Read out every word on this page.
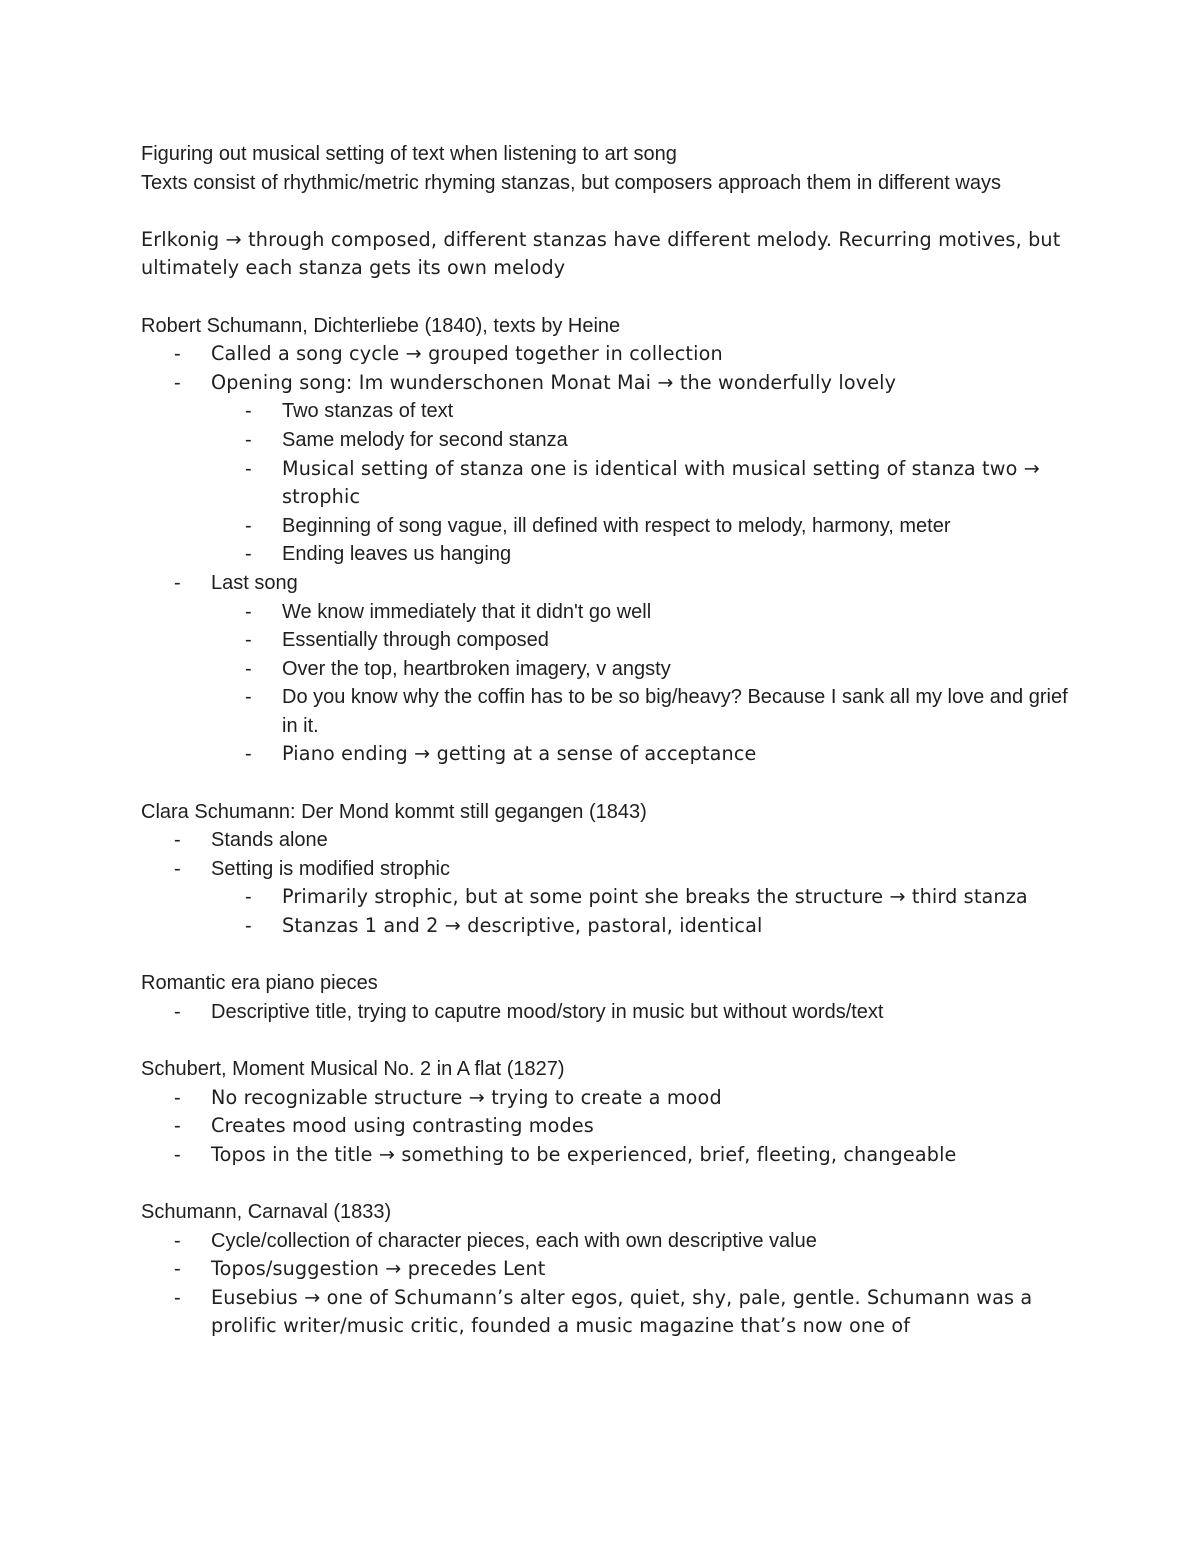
Figuring out musical setting of text when listening to art song

Texts consist of rhythmic/metric rhyming stanzas, but composers approach them in different ways

Erlkonig → through composed, different stanzas have different melody. Recurring motives, but ultimately each stanza gets its own melody

Robert Schumann, Dichterliebe (1840), texts by Heine

- Called a song cycle → grouped together in collection

- Opening song: Im wunderschonen Monat Mai → the wonderfully lovely

- Two stanzas of text

- Same melody for second stanza

- Musical setting of stanza one is identical with musical setting of stanza two → strophic

- Beginning of song vague, ill defined with respect to melody, harmony, meter

- Ending leaves us hanging

- Last song

- We know immediately that it didn't go well

- Essentially through composed

- Over the top, heartbroken imagery, v angsty

- Do you know why the coffin has to be so big/heavy? Because I sank all my love and grief in it.

- Piano ending → getting at a sense of acceptance

Clara Schumann: Der Mond kommt still gegangen (1843)

- Stands alone

- Setting is modified strophic

- Primarily strophic, but at some point she breaks the structure → third stanza

- Stanzas 1 and 2 → descriptive, pastoral, identical

Romantic era piano pieces

- Descriptive title, trying to caputre mood/story in music but without words/text

Schubert, Moment Musical No. 2 in A flat (1827)

- No recognizable structure → trying to create a mood

- Creates mood using contrasting modes

- Topos in the title → something to be experienced, brief, fleeting, changeable

Schumann, Carnaval (1833)

- Cycle/collection of character pieces, each with own descriptive value

- Topos/suggestion → precedes Lent

- Eusebius → one of Schumann’s alter egos, quiet, shy, pale, gentle. Schumann was a prolific writer/music critic, founded a music magazine that’s now one of
